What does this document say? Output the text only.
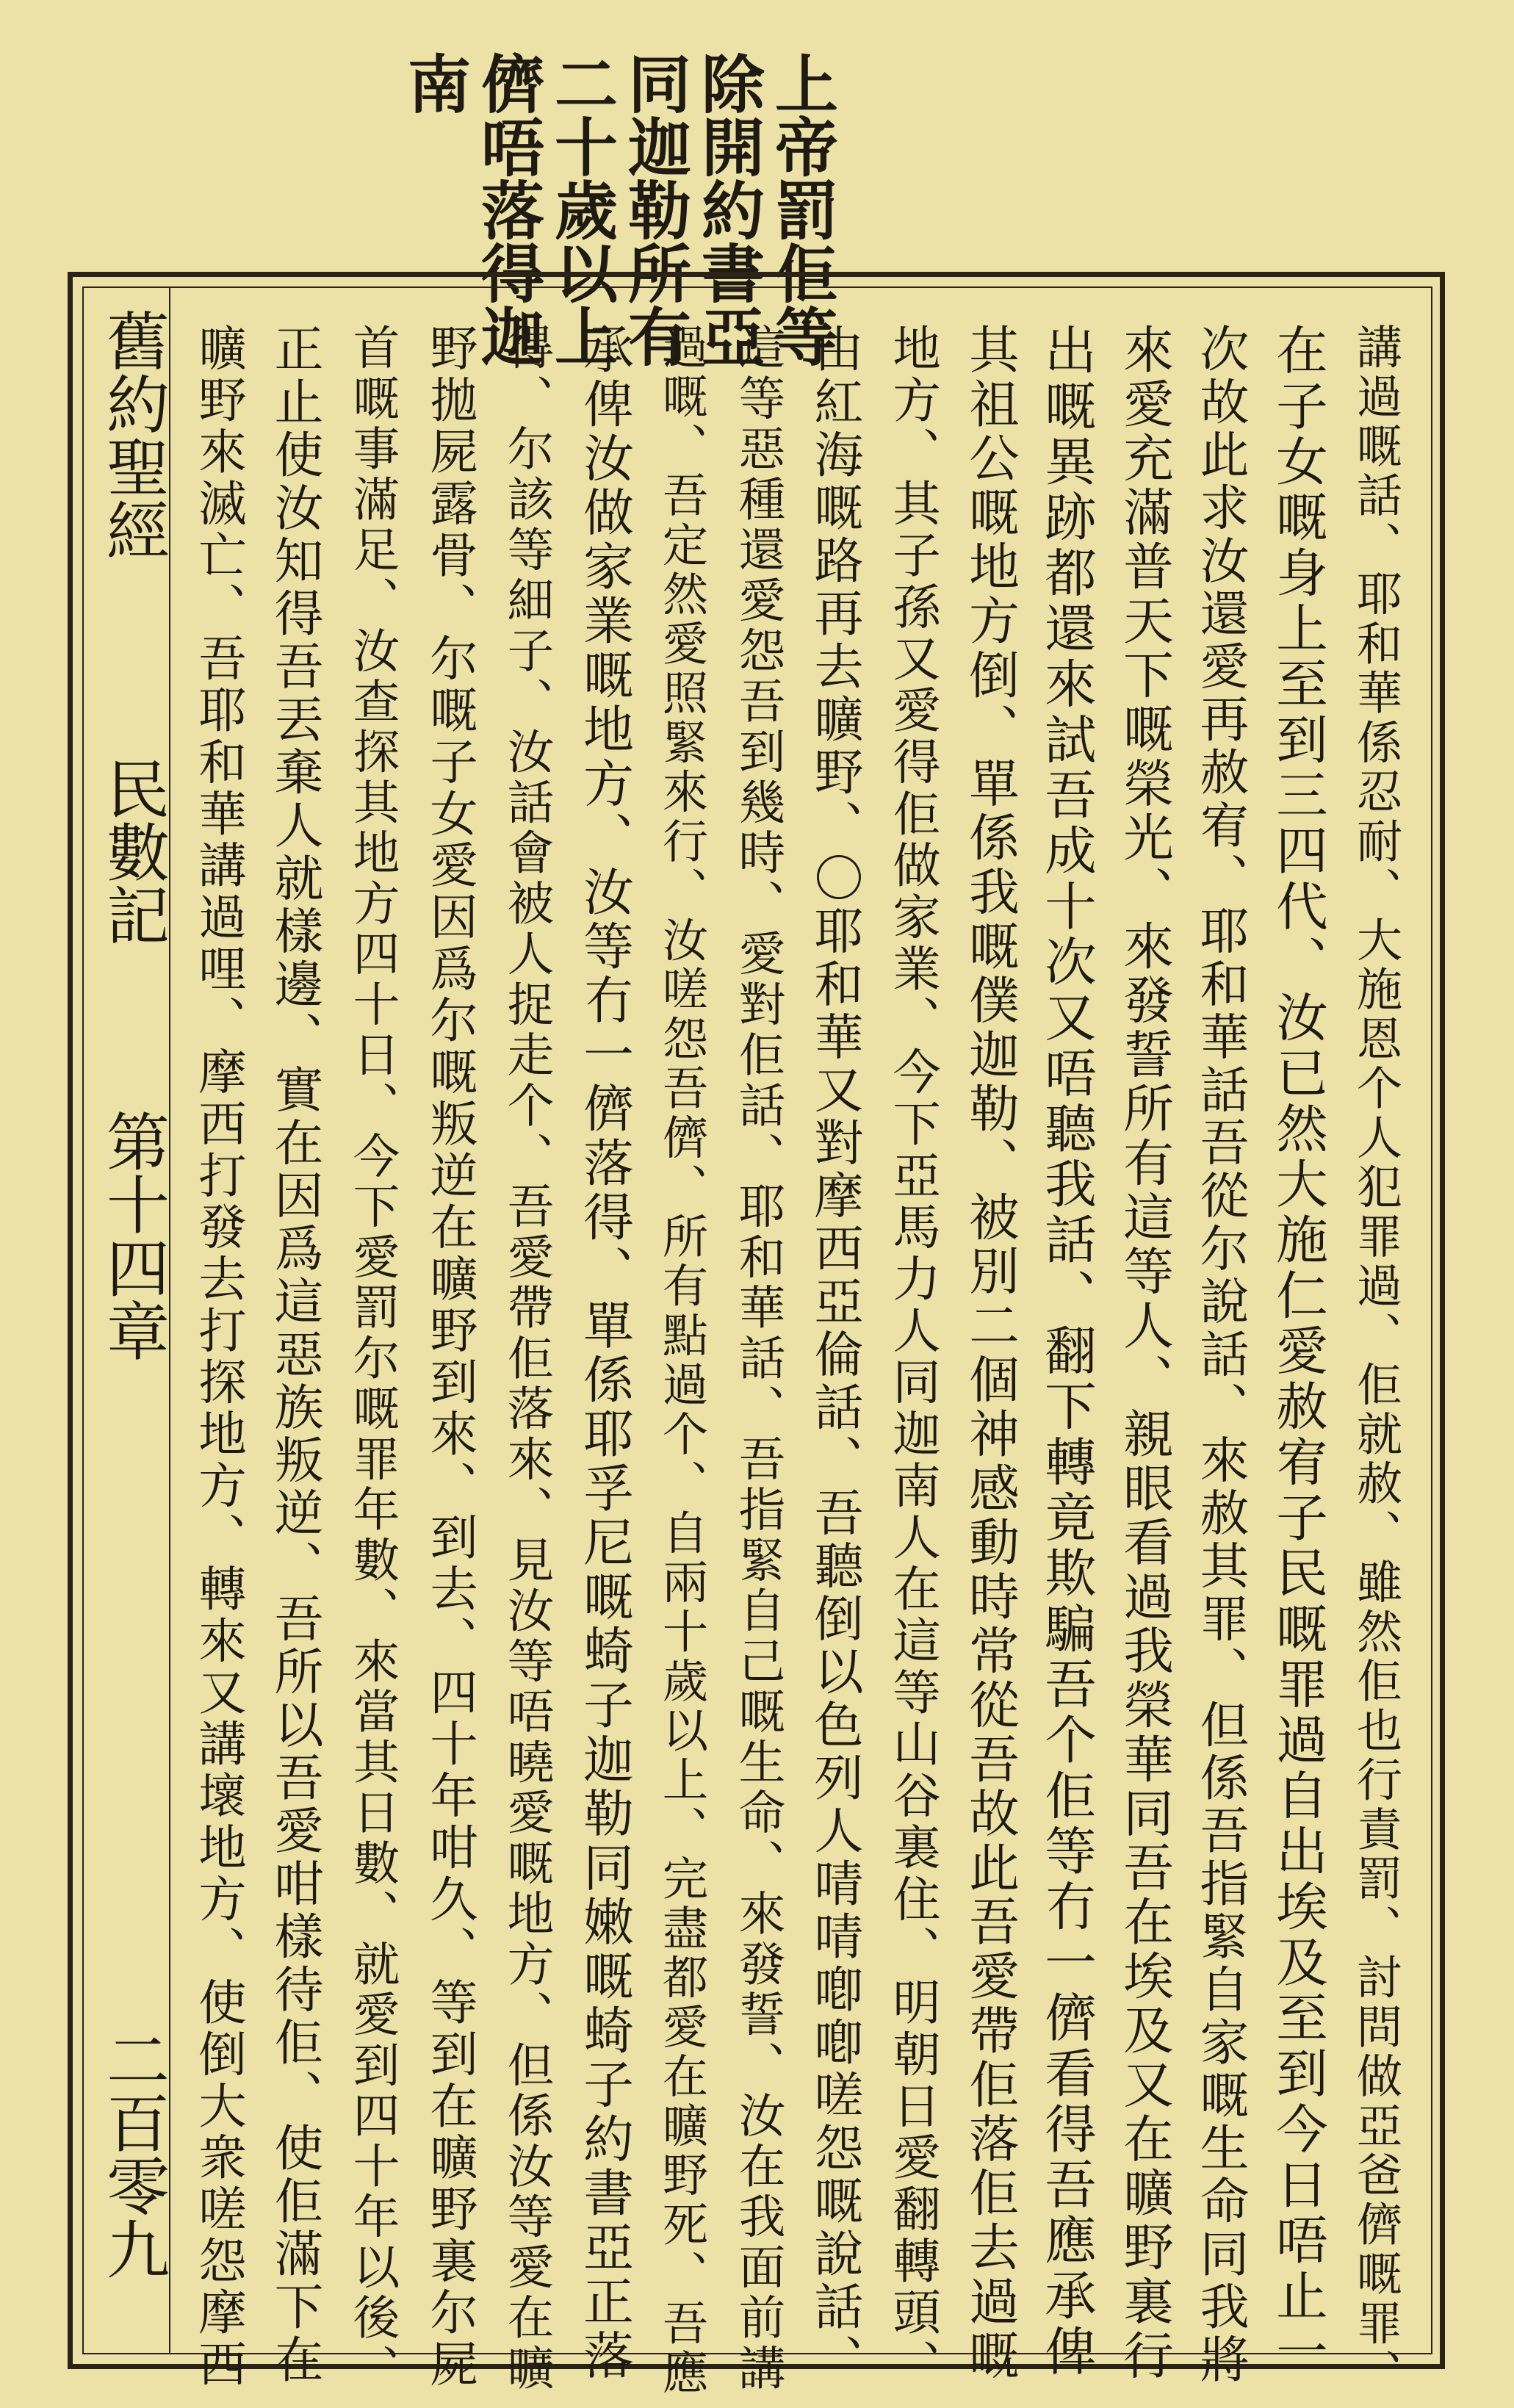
上帝罰佢等
除開約書亞
同迦勒所有
二十歲以上
儕唔落得迦
南
舊約聖經
民數記
第十四章
二百零九	講過嘅話、耶和華係忍耐、大施恩个人犯罪過、佢就赦、雖然佢也行責罰、討問做亞爸儕嘅罪、
在子女嘅身上至到三四代、汝已然大施仁愛赦宥子民嘅罪過自出埃及至到今日唔止一
次故此求汝還愛再赦宥、耶和華話吾從尔說話、來赦其罪、但係吾指緊自家嘅生命同我將
來愛充滿普天下嘅榮光、來發誓所有這等人、親眼看過我榮華同吾在埃及又在曠野裏行
出嘅異跡都還來試吾成十次又唔聽我話、翻下轉竟欺騙吾个佢等冇一儕看得吾應承俾
其祖公嘅地方倒、單係我嘅僕迦勒、被別二個神感動時常從吾故此吾愛帶佢落佢去過嘅
地方、其子孫又愛得佢做家業、今下亞馬力人同迦南人在這等山谷裏住、明朝日愛翻轉頭、
由紅海嘅路再去曠野、〇耶和華又對摩西亞倫話、吾聽倒以色列人啨啨喞喞嗟怨嘅說話、
這等惡種還愛怨吾到幾時、愛對佢話、耶和華話、吾指緊自己嘅生命、來發誓、汝在我面前講
過嘅、吾定然愛照緊來行、汝嗟怨吾儕、所有點過个、自兩十歲以上、完盡都愛在曠野死、吾應
承俾汝做家業嘅地方、汝等冇一儕落得、單係耶孚尼嘅䗁子迦勒同嫩嘅䗁子約書亞正落
得、尔該等細子、汝話會被人捉走个、吾愛帶佢落來、見汝等唔曉愛嘅地方、但係汝等愛在曠
野拋屍露骨、尔嘅子女愛因爲尔嘅叛逆在曠野到來、到去、四十年咁久、等到在曠野裏尔屍
首嘅事滿足、汝查探其地方四十日、今下愛罰尔嘅罪年數、來當其日數、就愛到四十年以後、
正止使汝知得吾丟棄人就樣邊、實在因爲這惡族叛逆、吾所以吾愛咁樣待佢、使佢滿下在
曠野來滅亡、吾耶和華講過哩、摩西打發去打探地方、轉來又講壞地方、使倒大衆嗟怨摩西
